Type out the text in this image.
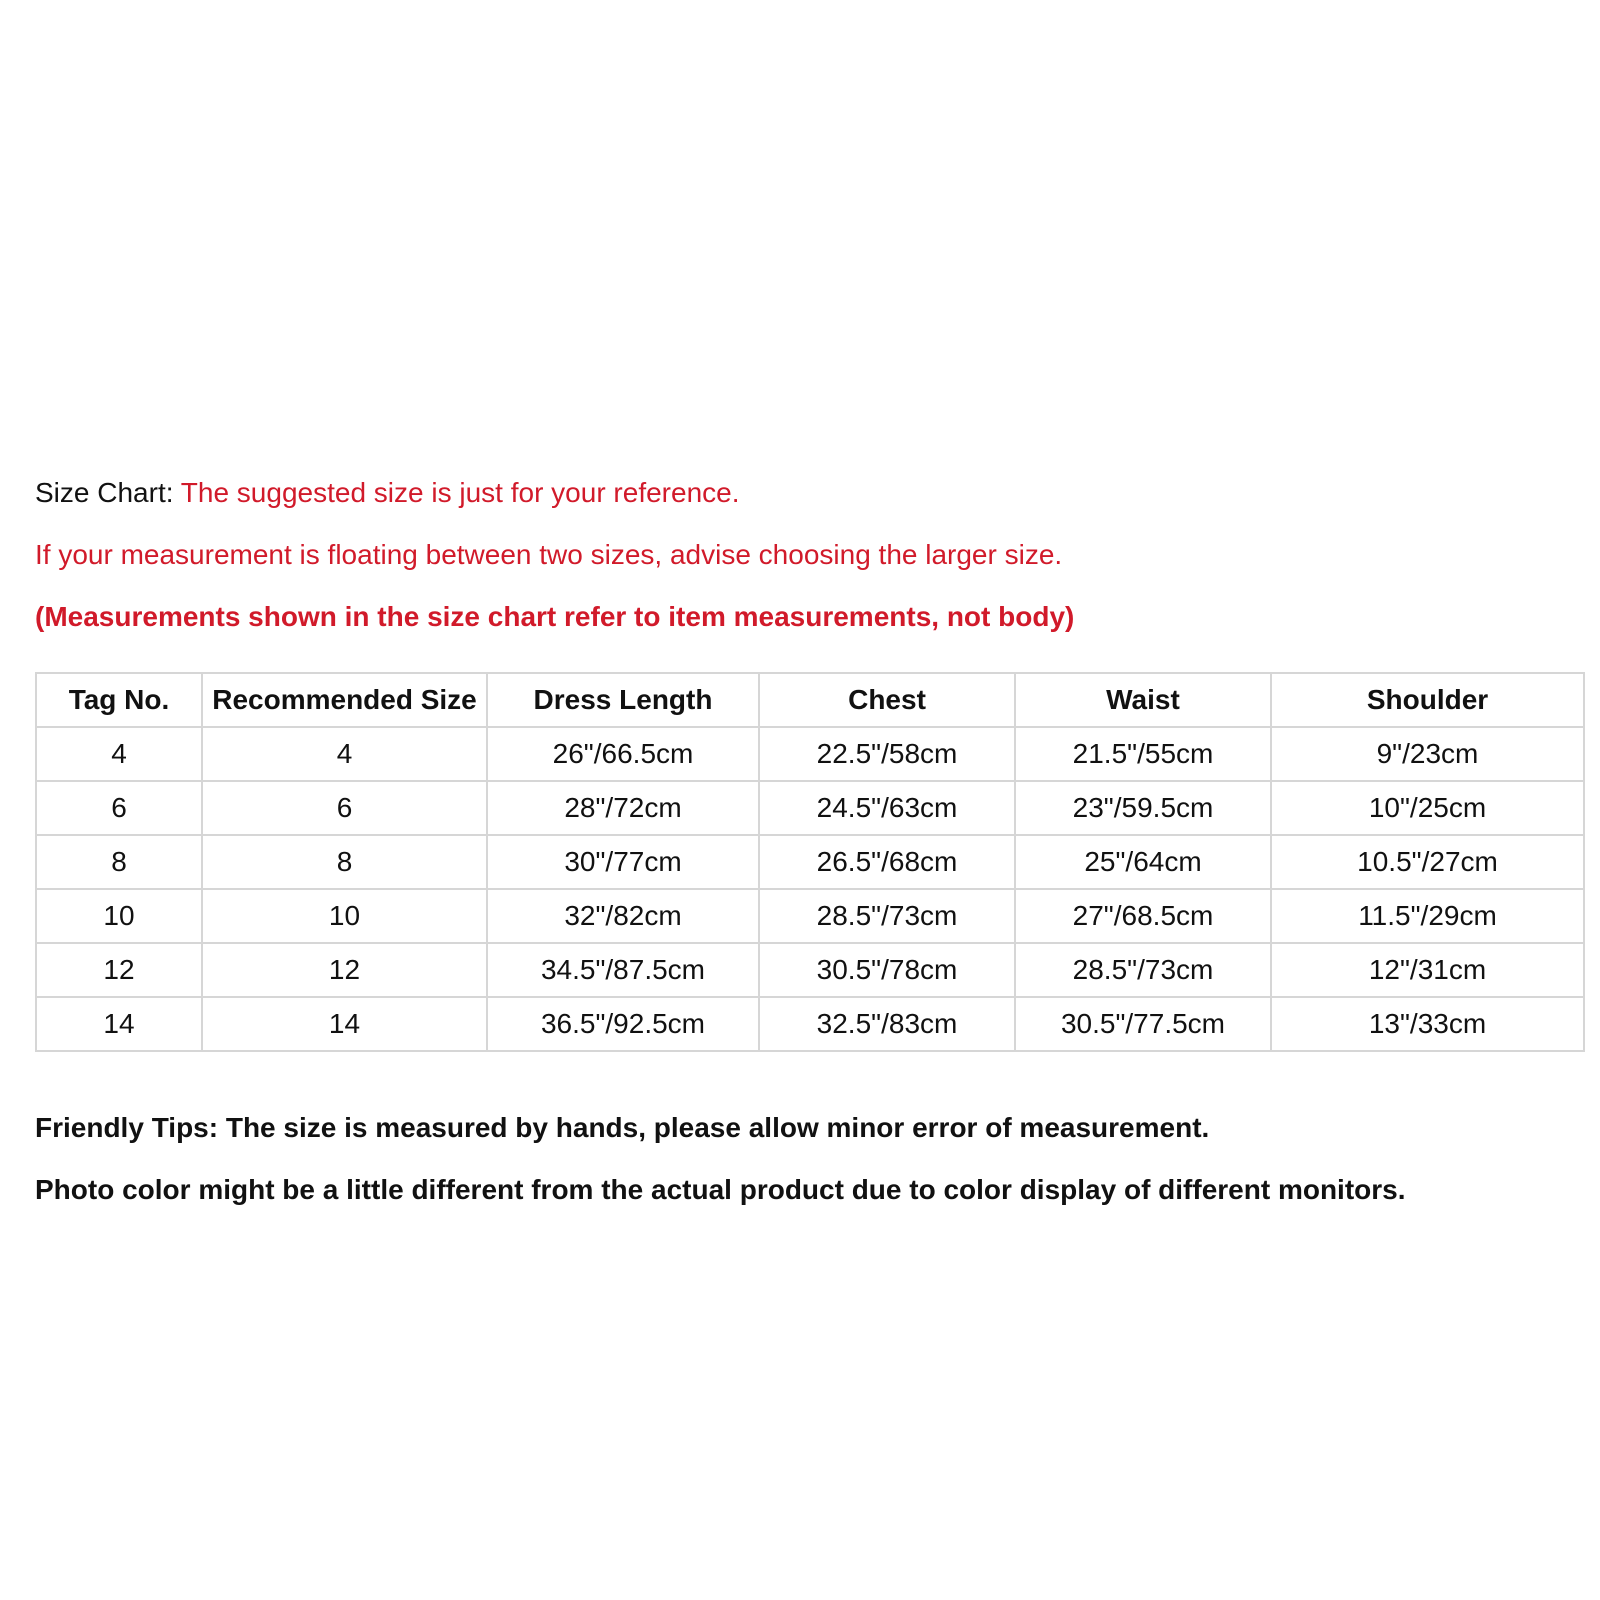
Size Chart: The suggested size is just for your reference.
If your measurement is floating between two sizes, advise choosing the larger size.
(Measurements shown in the size chart refer to item measurements, not body)
Tag No.	Recommended Size	Dress Length	Chest	Waist	Shoulder
4	4	26"/66.5cm	22.5"/58cm	21.5"/55cm	9"/23cm
6	6	28"/72cm	24.5"/63cm	23"/59.5cm	10"/25cm
8	8	30"/77cm	26.5"/68cm	25"/64cm	10.5"/27cm
10	10	32"/82cm	28.5"/73cm	27"/68.5cm	11.5"/29cm
12	12	34.5"/87.5cm	30.5"/78cm	28.5"/73cm	12"/31cm
14	14	36.5"/92.5cm	32.5"/83cm	30.5"/77.5cm	13"/33cm
Friendly Tips: The size is measured by hands, please allow minor error of measurement.
Photo color might be a little different from the actual product due to color display of different monitors.
